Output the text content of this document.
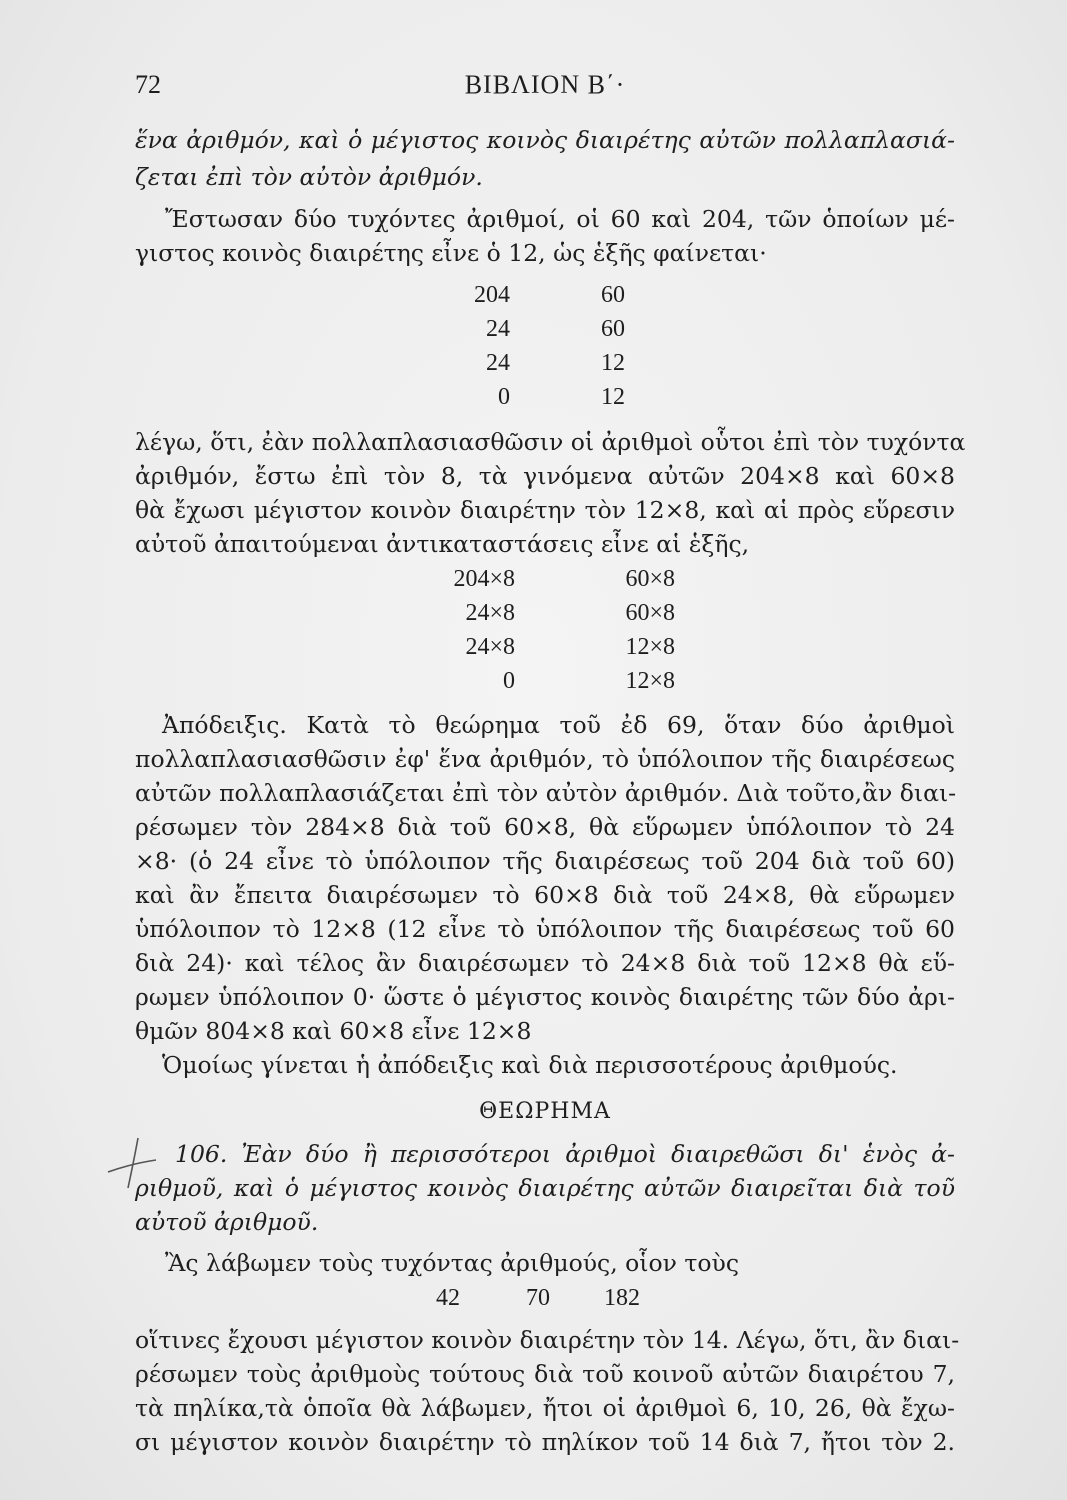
72	ΒΙΒΛΙΟΝ Β΄·
ἕνα ἀριθμόν, καὶ ὁ μέγιστος κοινὸς διαιρέτης αὐτῶν πολλαπλασιά-
ζεται ἐπὶ τὸν αὐτὸν ἀριθμόν.
Ἔστωσαν δύο τυχόντες ἀριθμοί, οἱ 60 καὶ 204, τῶν ὁποίων μέ-
γιστος κοινὸς διαιρέτης εἶνε ὁ 12, ὡς ἑξῆς φαίνεται·
204	60
24	60
24	12
0	12
λέγω, ὅτι, ἐὰν πολλαπλασιασθῶσιν οἱ ἀριθμοὶ οὗτοι ἐπὶ τὸν τυχόντα
ἀριθμόν, ἔστω ἐπὶ τὸν 8, τὰ γινόμενα αὐτῶν 204×8 καὶ 60×8
θὰ ἔχωσι μέγιστον κοινὸν διαιρέτην τὸν 12×8, καὶ αἱ πρὸς εὕρεσιν
αὐτοῦ ἀπαιτούμεναι ἀντικαταστάσεις εἶνε αἱ ἑξῆς,
204×8	60×8
24×8	60×8
24×8	12×8
0	12×8
Ἀπόδειξις. Κατὰ τὸ θεώρημα τοῦ ἐδ 69, ὅταν δύο ἀριθμοὶ
πολλαπλασιασθῶσιν ἐφ' ἕνα ἀριθμόν, τὸ ὑπόλοιπον τῆς διαιρέσεως
αὐτῶν πολλαπλασιάζεται ἐπὶ τὸν αὐτὸν ἀριθμόν. Διὰ τοῦτο,ἂν διαι-
ρέσωμεν τὸν 284×8 διὰ τοῦ 60×8, θὰ εὕρωμεν ὑπόλοιπον τὸ 24
×8· (ὁ 24 εἶνε τὸ ὑπόλοιπον τῆς διαιρέσεως τοῦ 204 διὰ τοῦ 60)
καὶ ἂν ἔπειτα διαιρέσωμεν τὸ 60×8 διὰ τοῦ 24×8, θὰ εὕρωμεν
ὑπόλοιπον τὸ 12×8 (12 εἶνε τὸ ὑπόλοιπον τῆς διαιρέσεως τοῦ 60
διὰ 24)· καὶ τέλος ἂν διαιρέσωμεν τὸ 24×8 διὰ τοῦ 12×8 θὰ εὕ-
ρωμεν ὑπόλοιπον 0· ὥστε ὁ μέγιστος κοινὸς διαιρέτης τῶν δύο ἀρι-
θμῶν 804×8 καὶ 60×8 εἶνε 12×8
Ὁμοίως γίνεται ἡ ἀπόδειξις καὶ διὰ περισσοτέρους ἀριθμούς.
ΘΕΩΡΗΜΑ
106. Ἐὰν δύο ἢ περισσότεροι ἀριθμοὶ διαιρεθῶσι δι' ἑνὸς ἀ-
ριθμοῦ, καὶ ὁ μέγιστος κοινὸς διαιρέτης αὐτῶν διαιρεῖται διὰ τοῦ
αὐτοῦ ἀριθμοῦ.
Ἂς λάβωμεν τοὺς τυχόντας ἀριθμούς, οἷον τοὺς
42	70	182
οἵτινες ἔχουσι μέγιστον κοινὸν διαιρέτην τὸν 14. Λέγω, ὅτι, ἂν διαι-
ρέσωμεν τοὺς ἀριθμοὺς τούτους διὰ τοῦ κοινοῦ αὐτῶν διαιρέτου 7,
τὰ πηλίκα,τὰ ὁποῖα θὰ λάβωμεν, ἤτοι οἱ ἀριθμοὶ 6, 10, 26, θὰ ἔχω-
σι μέγιστον κοινὸν διαιρέτην τὸ πηλίκον τοῦ 14 διὰ 7, ἤτοι τὸν 2.
